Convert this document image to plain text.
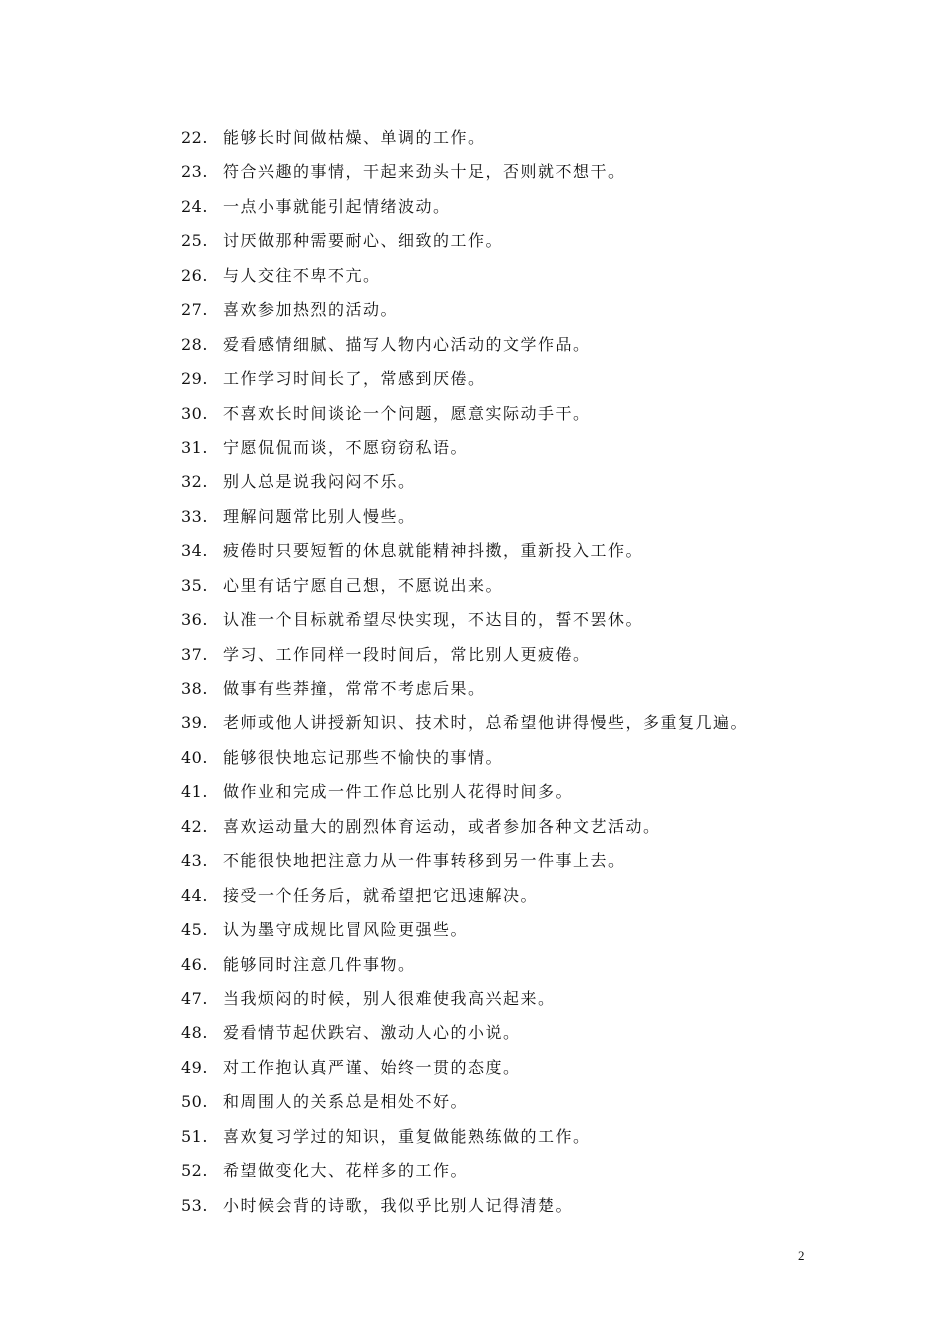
22. 能够长时间做枯燥、单调的工作。
23. 符合兴趣的事情，干起来劲头十足，否则就不想干。
24. 一点小事就能引起情绪波动。
25. 讨厌做那种需要耐心、细致的工作。
26. 与人交往不卑不亢。
27. 喜欢参加热烈的活动。
28. 爱看感情细腻、描写人物内心活动的文学作品。
29. 工作学习时间长了，常感到厌倦。
30. 不喜欢长时间谈论一个问题，愿意实际动手干。
31. 宁愿侃侃而谈，不愿窃窃私语。
32. 别人总是说我闷闷不乐。
33. 理解问题常比别人慢些。
34. 疲倦时只要短暂的休息就能精神抖擞，重新投入工作。
35. 心里有话宁愿自己想，不愿说出来。
36. 认准一个目标就希望尽快实现，不达目的，誓不罢休。
37. 学习、工作同样一段时间后，常比别人更疲倦。
38. 做事有些莽撞，常常不考虑后果。
39. 老师或他人讲授新知识、技术时，总希望他讲得慢些，多重复几遍。
40. 能够很快地忘记那些不愉快的事情。
41. 做作业和完成一件工作总比别人花得时间多。
42. 喜欢运动量大的剧烈体育运动，或者参加各种文艺活动。
43. 不能很快地把注意力从一件事转移到另一件事上去。
44. 接受一个任务后，就希望把它迅速解决。
45. 认为墨守成规比冒风险更强些。
46. 能够同时注意几件事物。
47. 当我烦闷的时候，别人很难使我高兴起来。
48. 爱看情节起伏跌宕、激动人心的小说。
49. 对工作抱认真严谨、始终一贯的态度。
50. 和周围人的关系总是相处不好。
51. 喜欢复习学过的知识，重复做能熟练做的工作。
52. 希望做变化大、花样多的工作。
53. 小时候会背的诗歌，我似乎比别人记得清楚。
2
